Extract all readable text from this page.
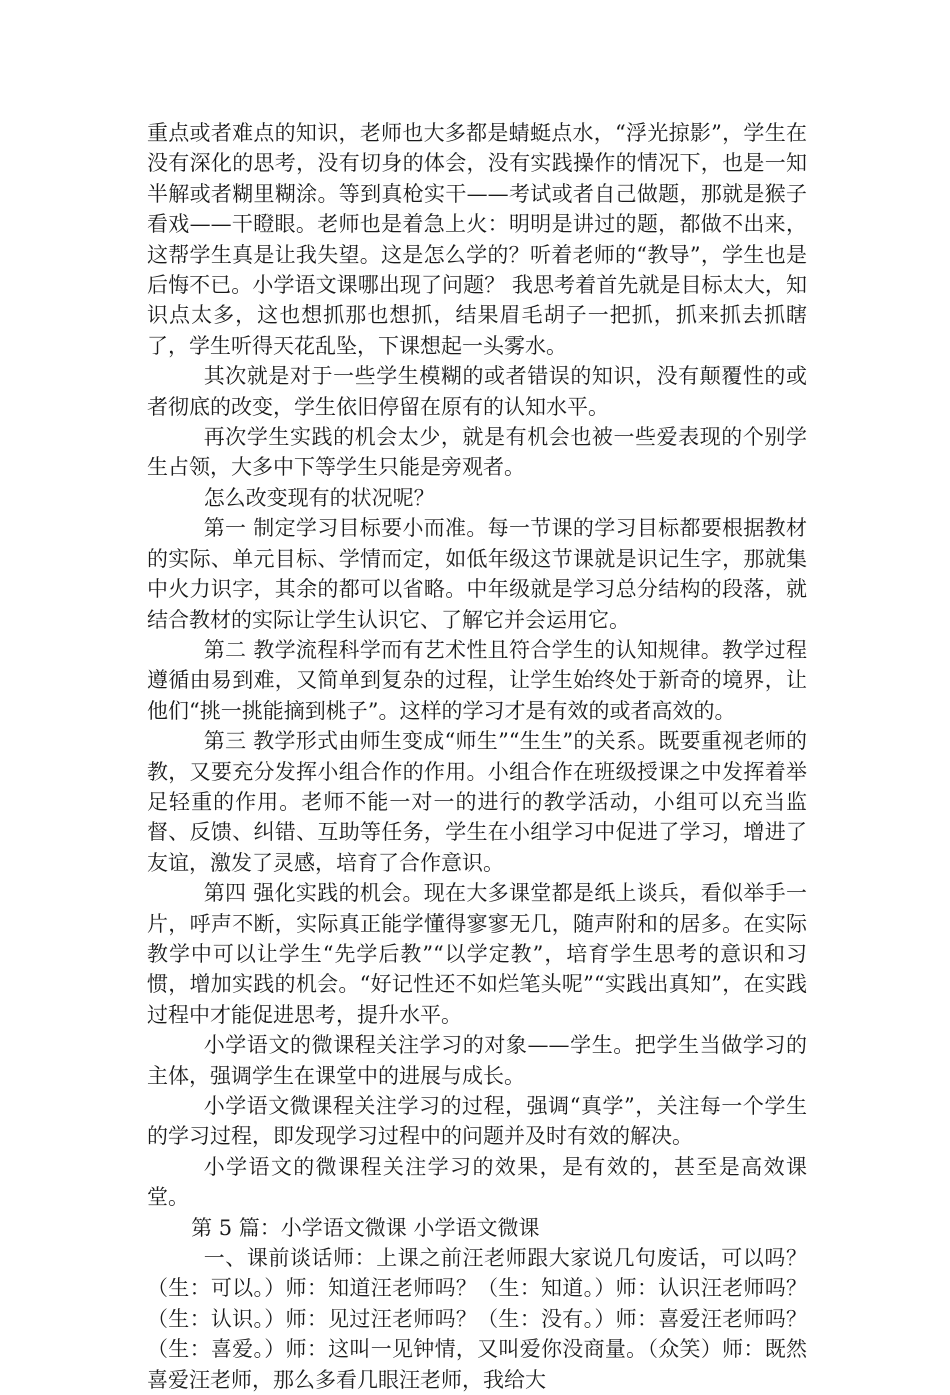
重点或者难点的知识，老师也大多都是蜻蜓点水，“浮光掠影”，学生在没有深化的思考，没有切身的体会，没有实践操作的情况下，也是一知半解或者糊里糊涂。等到真枪实干——考试或者自己做题，那就是猴子看戏——干瞪眼。老师也是着急上火：明明是讲过的题，都做不出来，这帮学生真是让我失望。这是怎么学的？听着老师的“教导”，学生也是后悔不已。小学语文课哪出现了问题？ 我思考着首先就是目标太大，知识点太多，这也想抓那也想抓，结果眉毛胡子一把抓，抓来抓去抓瞎了，学生听得天花乱坠，下课想起一头雾水。

其次就是对于一些学生模糊的或者错误的知识，没有颠覆性的或者彻底的改变，学生依旧停留在原有的认知水平。

再次学生实践的机会太少，就是有机会也被一些爱表现的个别学生占领，大多中下等学生只能是旁观者。

怎么改变现有的状况呢？

第一 制定学习目标要小而准。每一节课的学习目标都要根据教材的实际、单元目标、学情而定，如低年级这节课就是识记生字，那就集中火力识字，其余的都可以省略。中年级就是学习总分结构的段落，就结合教材的实际让学生认识它、了解它并会运用它。

第二 教学流程科学而有艺术性且符合学生的认知规律。教学过程遵循由易到难，又简单到复杂的过程，让学生始终处于新奇的境界，让他们“挑一挑能摘到桃子”。这样的学习才是有效的或者高效的。

第三 教学形式由师生变成“师生”“生生”的关系。既要重视老师的教，又要充分发挥小组合作的作用。小组合作在班级授课之中发挥着举足轻重的作用。老师不能一对一的进行的教学活动，小组可以充当监督、反馈、纠错、互助等任务，学生在小组学习中促进了学习，增进了友谊，激发了灵感，培育了合作意识。

第四 强化实践的机会。现在大多课堂都是纸上谈兵，看似举手一片，呼声不断，实际真正能学懂得寥寥无几，随声附和的居多。在实际教学中可以让学生“先学后教”“以学定教”，培育学生思考的意识和习惯，增加实践的机会。“好记性还不如烂笔头呢”“实践出真知”，在实践过程中才能促进思考，提升水平。

小学语文的微课程关注学习的对象——学生。把学生当做学习的主体，强调学生在课堂中的进展与成长。

小学语文微课程关注学习的过程，强调“真学”，关注每一个学生的学习过程，即发现学习过程中的问题并及时有效的解决。

小学语文的微课程关注学习的效果，是有效的，甚至是高效课堂。

第 5 篇：小学语文微课 小学语文微课

一、课前谈话师：上课之前汪老师跟大家说几句废话，可以吗？（生：可以。）师：知道汪老师吗？（生：知道。）师：认识汪老师吗？（生：认识。）师：见过汪老师吗？（生：没有。）师：喜爱汪老师吗？（生：喜爱。）师：这叫一见钟情，又叫爱你没商量。（众笑）师：既然喜爱汪老师，那么多看几眼汪老师，我给大
